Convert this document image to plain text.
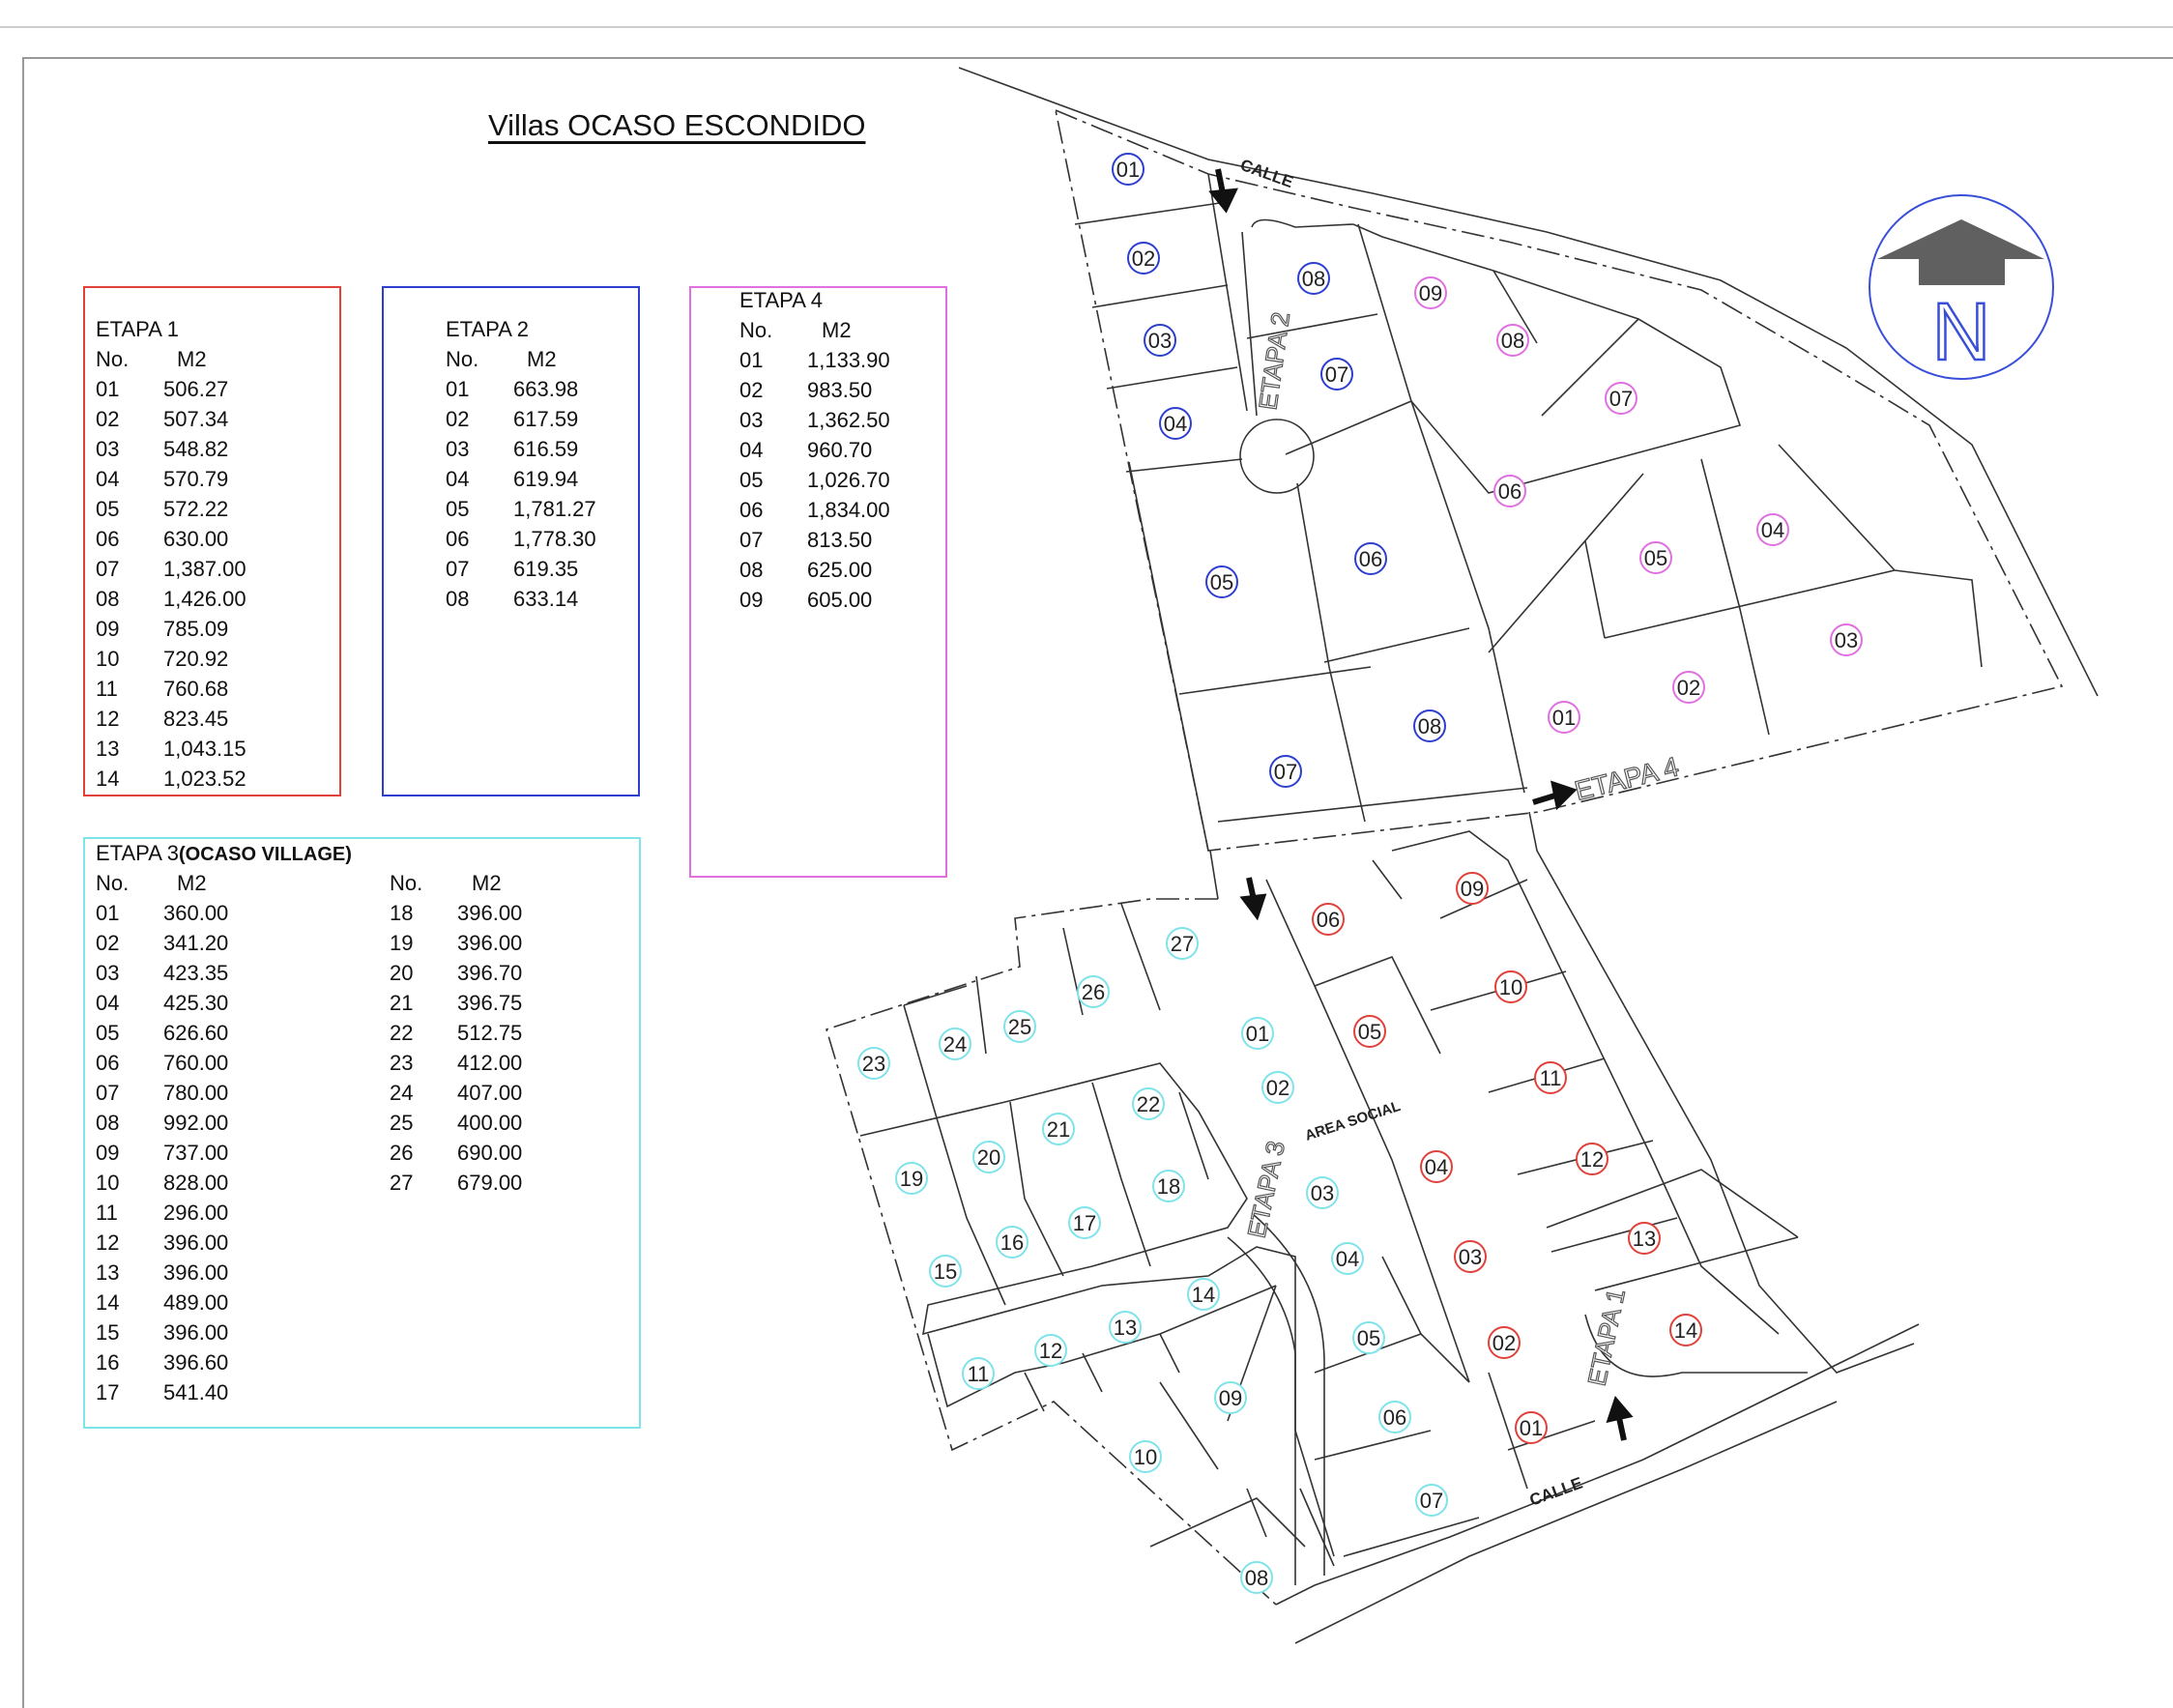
N
CALLE
CALLE
ETAPA 2
ETAPA 4
ETAPA 3
ETAPA 1
AREA SOCIAL
01
02
03
04
05
06
07
08
07
08
09
08
07
06
05
04
03
02
01
06
05
04
03
02
01
09
10
11
12
13
14
27
26
25
24
23
01
02
22
21
20
19	18
17
16
15
03
04
05
06
07
08
09
10
11
12
13
14
Villas OCASO ESCONDIDO
ETAPA 1
No. M2
01 506.27
02 507.34
03 548.82
04 570.79
05 572.22
06 630.00
07 1,387.00
08 1,426.00
09 785.09
10 720.92
11 760.68
12 823.45
13 1,043.15
14 1,023.52
ETAPA 2
No. M2
01 663.98
02 617.59
03 616.59
04 619.94
05 1,781.27
06 1,778.30
07 619.35
08 633.14
ETAPA 4
No. M2
01 1,133.90
02 983.50
03 1,362.50
04 960.70
05 1,026.70
06 1,834.00
07 813.50
08 625.00
09 605.00
ETAPA 3(OCASO VILLAGE)
No. M2	No. M2
01 360.00
02 341.20
03 423.35
04 425.30
05 626.60
06 760.00
07 780.00
08 992.00
09 737.00
10 828.00
11 296.00
12 396.00
13 396.00
14 489.00
15 396.00
16 396.60
17 541.40
18 396.00
19 396.00
20 396.70
21 396.75
22 512.75
23 412.00
24 407.00
25 400.00
26 690.00
27 679.00
